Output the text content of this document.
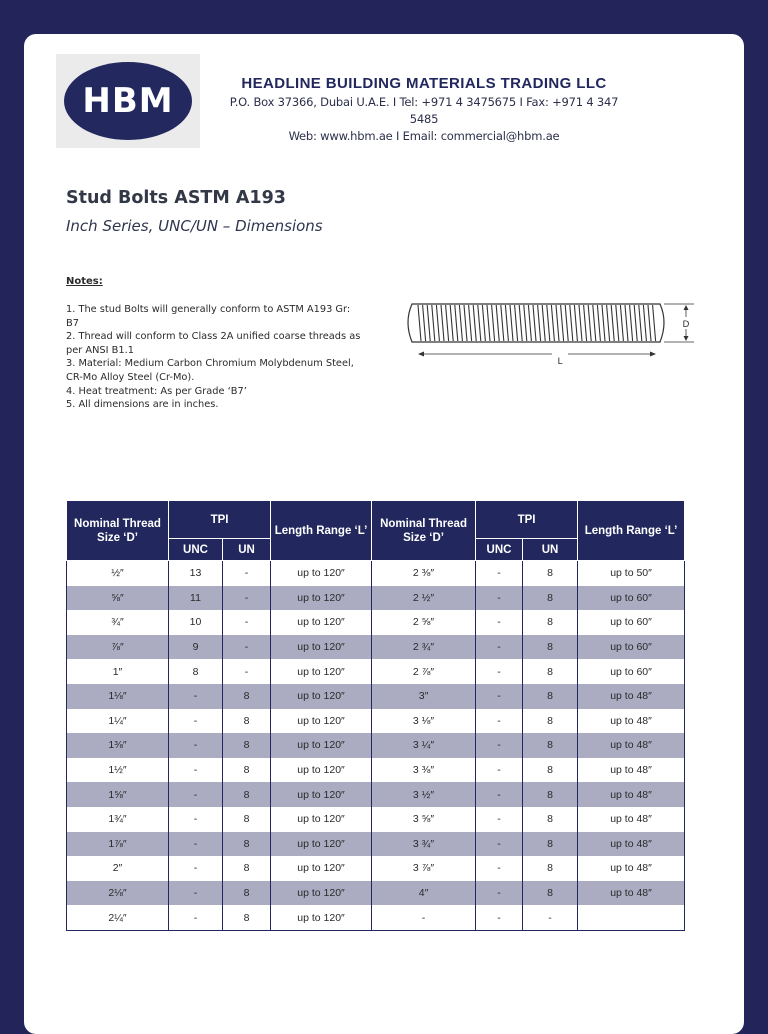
HBM	HEADLINE BUILDING MATERIALS TRADING LLC
P.O. Box 37366, Dubai U.A.E. I Tel: +971 4 3475675 I Fax: +971 4 347 5485
Web: www.hbm.ae I Email: commercial@hbm.ae
Stud Bolts ASTM A193
Inch Series, UNC/UN – Dimensions
Notes:
1. The stud Bolts will generally conform to ASTM A193 Gr: B7
2. Thread will conform to Class 2A unified coarse threads as per ANSI B1.1
3. Material: Medium Carbon Chromium Molybdenum Steel, CR-Mo Alloy Steel (Cr-Mo).
4. Heat treatment: As per Grade ‘B7’
5. All dimensions are in inches.
D
L
Nominal Thread Size ‘D’	TPI		Length Range ‘L’	Nominal Thread Size ‘D’	TPI		Length Range ‘L’
	UNC	UN			UNC	UN	
½″	13	-	up to 120″	2 ⅜″	-	8	up to 50″
⅝″	11	-	up to 120″	2 ½″	-	8	up to 60″
¾″	10	-	up to 120″	2 ⅝″	-	8	up to 60″
⅞″	9	-	up to 120″	2 ¾″	-	8	up to 60″
1″	8	-	up to 120″	2 ⅞″	-	8	up to 60″
1⅛″	-	8	up to 120″	3″	-	8	up to 48″
1¼″	-	8	up to 120″	3 ⅛″	-	8	up to 48″
1⅜″	-	8	up to 120″	3 ¼″	-	8	up to 48″
1½″	-	8	up to 120″	3 ⅜″	-	8	up to 48″
1⅝″	-	8	up to 120″	3 ½″	-	8	up to 48″
1¾″	-	8	up to 120″	3 ⅝″	-	8	up to 48″
1⅞″	-	8	up to 120″	3 ¾″	-	8	up to 48″
2″	-	8	up to 120″	3 ⅞″	-	8	up to 48″
2⅛″	-	8	up to 120″	4″	-	8	up to 48″
2¼″	-	8	up to 120″	-	-	-	
